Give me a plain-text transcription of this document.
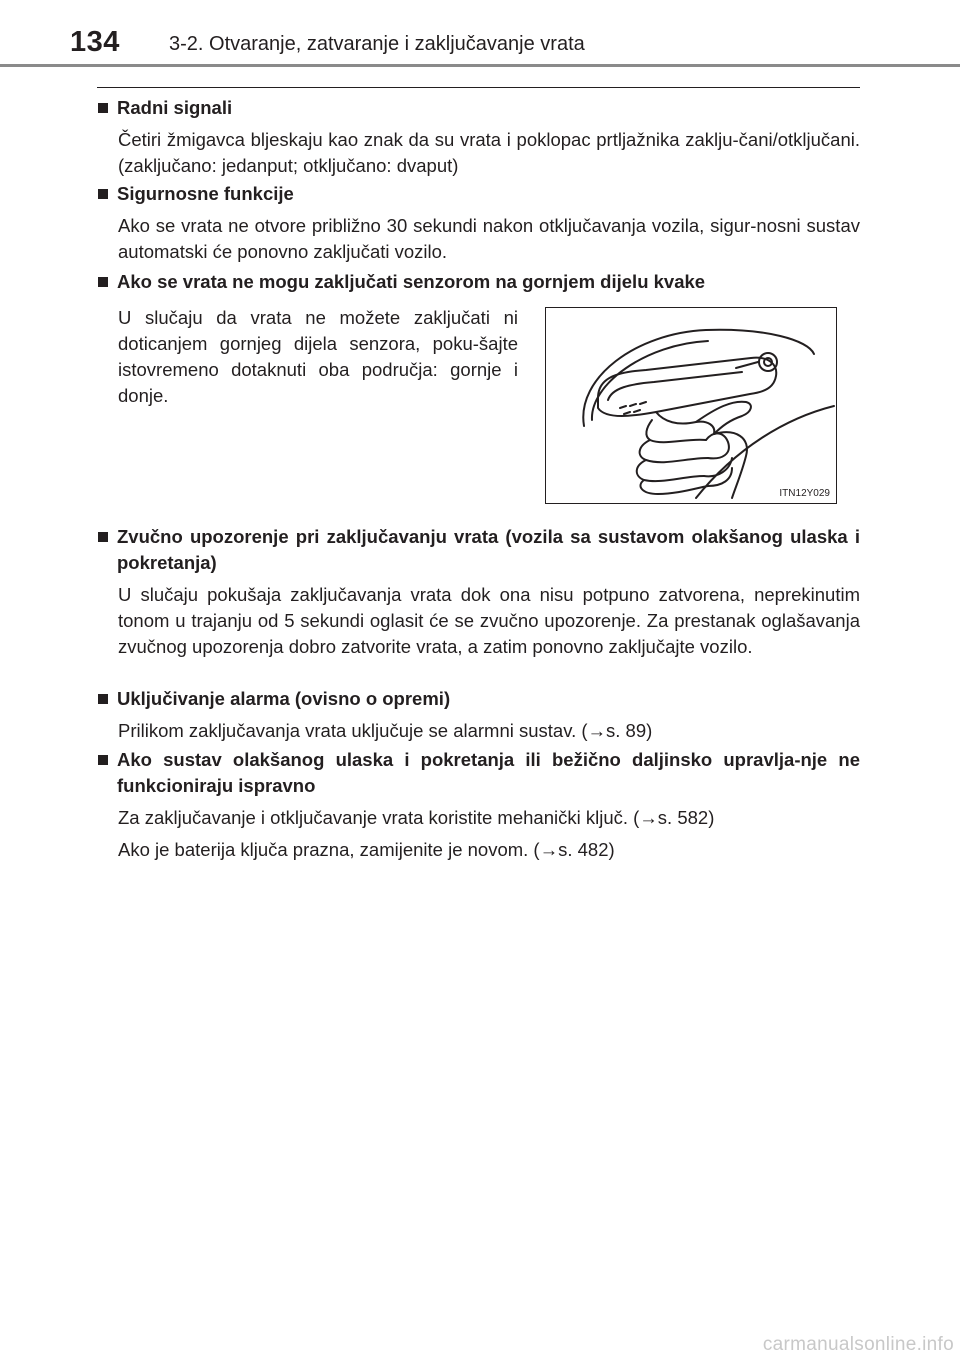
134 3-2. Otvaranje, zatvaranje i zaključavanje vrata
Radni signali
Četiri žmigavca bljeskaju kao znak da su vrata i poklopac prtljažnika zaklju-čani/otključani. (zaključano: jedanput; otključano: dvaput)
Sigurnosne funkcije
Ako se vrata ne otvore približno 30 sekundi nakon otključavanja vozila, sigur-nosni sustav automatski će ponovno zaključati vozilo.
Ako se vrata ne mogu zaključati senzorom na gornjem dijelu kvake
U slučaju da vrata ne možete zaključati ni doticanjem gornjeg dijela senzora, poku-šajte istovremeno dotaknuti oba područja: gornje i donje.
ITN12Y029
Zvučno upozorenje pri zaključavanju vrata (vozila sa sustavom olakšanog ulaska i pokretanja)
U slučaju pokušaja zaključavanja vrata dok ona nisu potpuno zatvorena, neprekinutim tonom u trajanju od 5 sekundi oglasit će se zvučno upozorenje. Za prestanak oglašavanja zvučnog upozorenja dobro zatvorite vrata, a zatim ponovno zaključajte vozilo.
Uključivanje alarma (ovisno o opremi)
Prilikom zaključavanja vrata uključuje se alarmni sustav. (→s. 89)
Ako sustav olakšanog ulaska i pokretanja ili bežično daljinsko upravlja-nje ne funkcioniraju ispravno
Za zaključavanje i otključavanje vrata koristite mehanički ključ. (→s. 582)
Ako je baterija ključa prazna, zamijenite je novom. (→s. 482)
carmanualsonline.info
